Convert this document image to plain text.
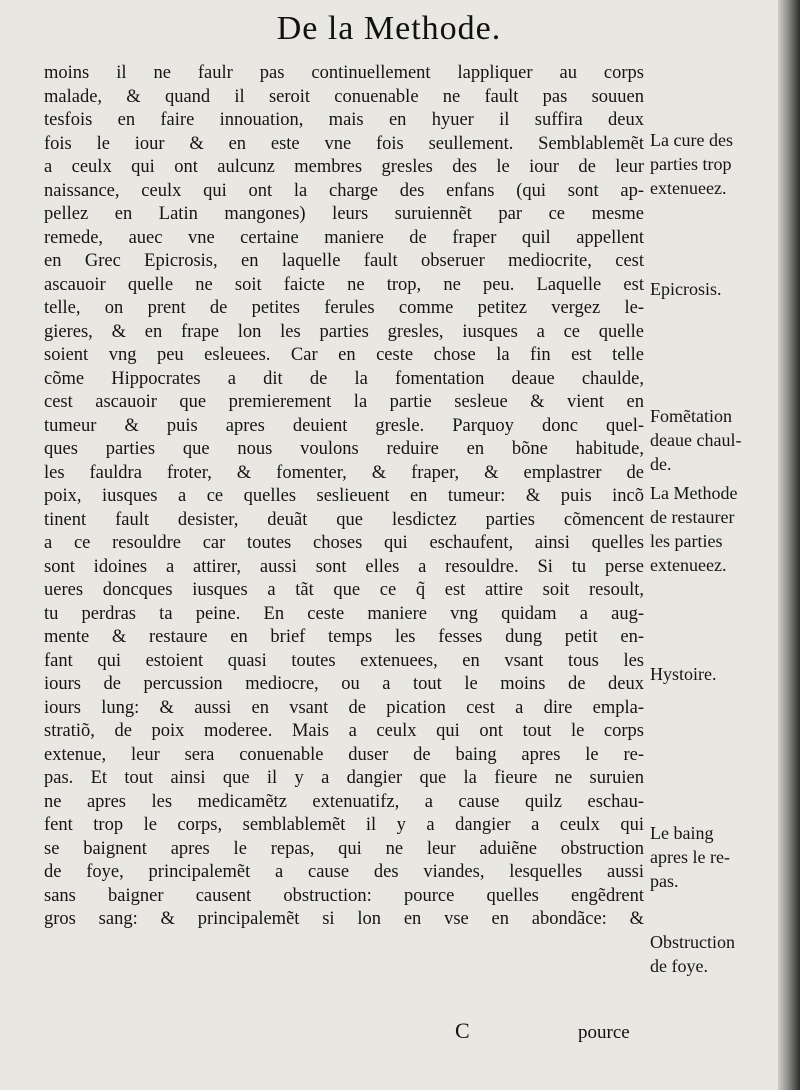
De la Methode.
moins il ne faulr pas continuellement lappliquer au corps
malade, & quand il seroit conuenable ne fault pas souuen
tesfois en faire innouation, mais en hyuer il suffira deux
fois le iour & en este vne fois seullement. Semblablemẽt
a ceulx qui ont aulcunz membres gresles des le iour de leur
naissance, ceulx qui ont la charge des enfans (qui sont ap-
pellez en Latin mangones) leurs suruiennẽt par ce mesme
remede, auec vne certaine maniere de fraper quil appellent
en Grec Epicrosis, en laquelle fault obseruer mediocrite, cest
ascauoir quelle ne soit faicte ne trop, ne peu. Laquelle est
telle, on prent de petites ferules comme petitez vergez le-
gieres, & en frape lon les parties gresles, iusques a ce quelle
soient vng peu esleuees. Car en ceste chose la fin est telle
cõme Hippocrates a dit de la fomentation deaue chaulde,
cest ascauoir que premierement la partie sesleue & vient en
tumeur & puis apres deuient gresle. Parquoy donc quel-
ques parties que nous voulons reduire en bõne habitude,
les fauldra froter, & fomenter, & fraper, & emplastrer de
poix, iusques a ce quelles seslieuent en tumeur: & puis incõ
tinent fault desister, deuãt que lesdictez parties cõmencent
a ce resouldre car toutes choses qui eschaufent, ainsi quelles
sont idoines a attirer, aussi sont elles a resouldre. Si tu perse
ueres doncques iusques a tãt que ce q̃ est attire soit resoult,
tu perdras ta peine. En ceste maniere vng quidam a aug-
mente & restaure en brief temps les fesses dung petit en-
fant qui estoient quasi toutes extenuees, en vsant tous les
iours de percussion mediocre, ou a tout le moins de deux
iours lung: & aussi en vsant de pication cest a dire empla-
stratiõ, de poix moderee. Mais a ceulx qui ont tout le corps
extenue, leur sera conuenable duser de baing apres le re-
pas. Et tout ainsi que il y a dangier que la fieure ne suruien
ne apres les medicamẽtz extenuatifz, a cause quilz eschau-
fent trop le corps, semblablemẽt il y a dangier a ceulx qui
se baignent apres le repas, qui ne leur aduiẽne obstruction
de foye, principalemẽt a cause des viandes, lesquelles aussi
sans baigner causent obstruction: pource quelles engẽdrent
gros sang: & principalemẽt si lon en vse en abondãce: &
La cure des
parties trop
extenueez.
Epicrosis.
Fomẽtation
deaue chaul-
de.
La Methode
de restaurer
les parties
extenueez.
Hystoire.
Le baing
apres le re-
pas.
Obstruction
de foye.
C	pource
